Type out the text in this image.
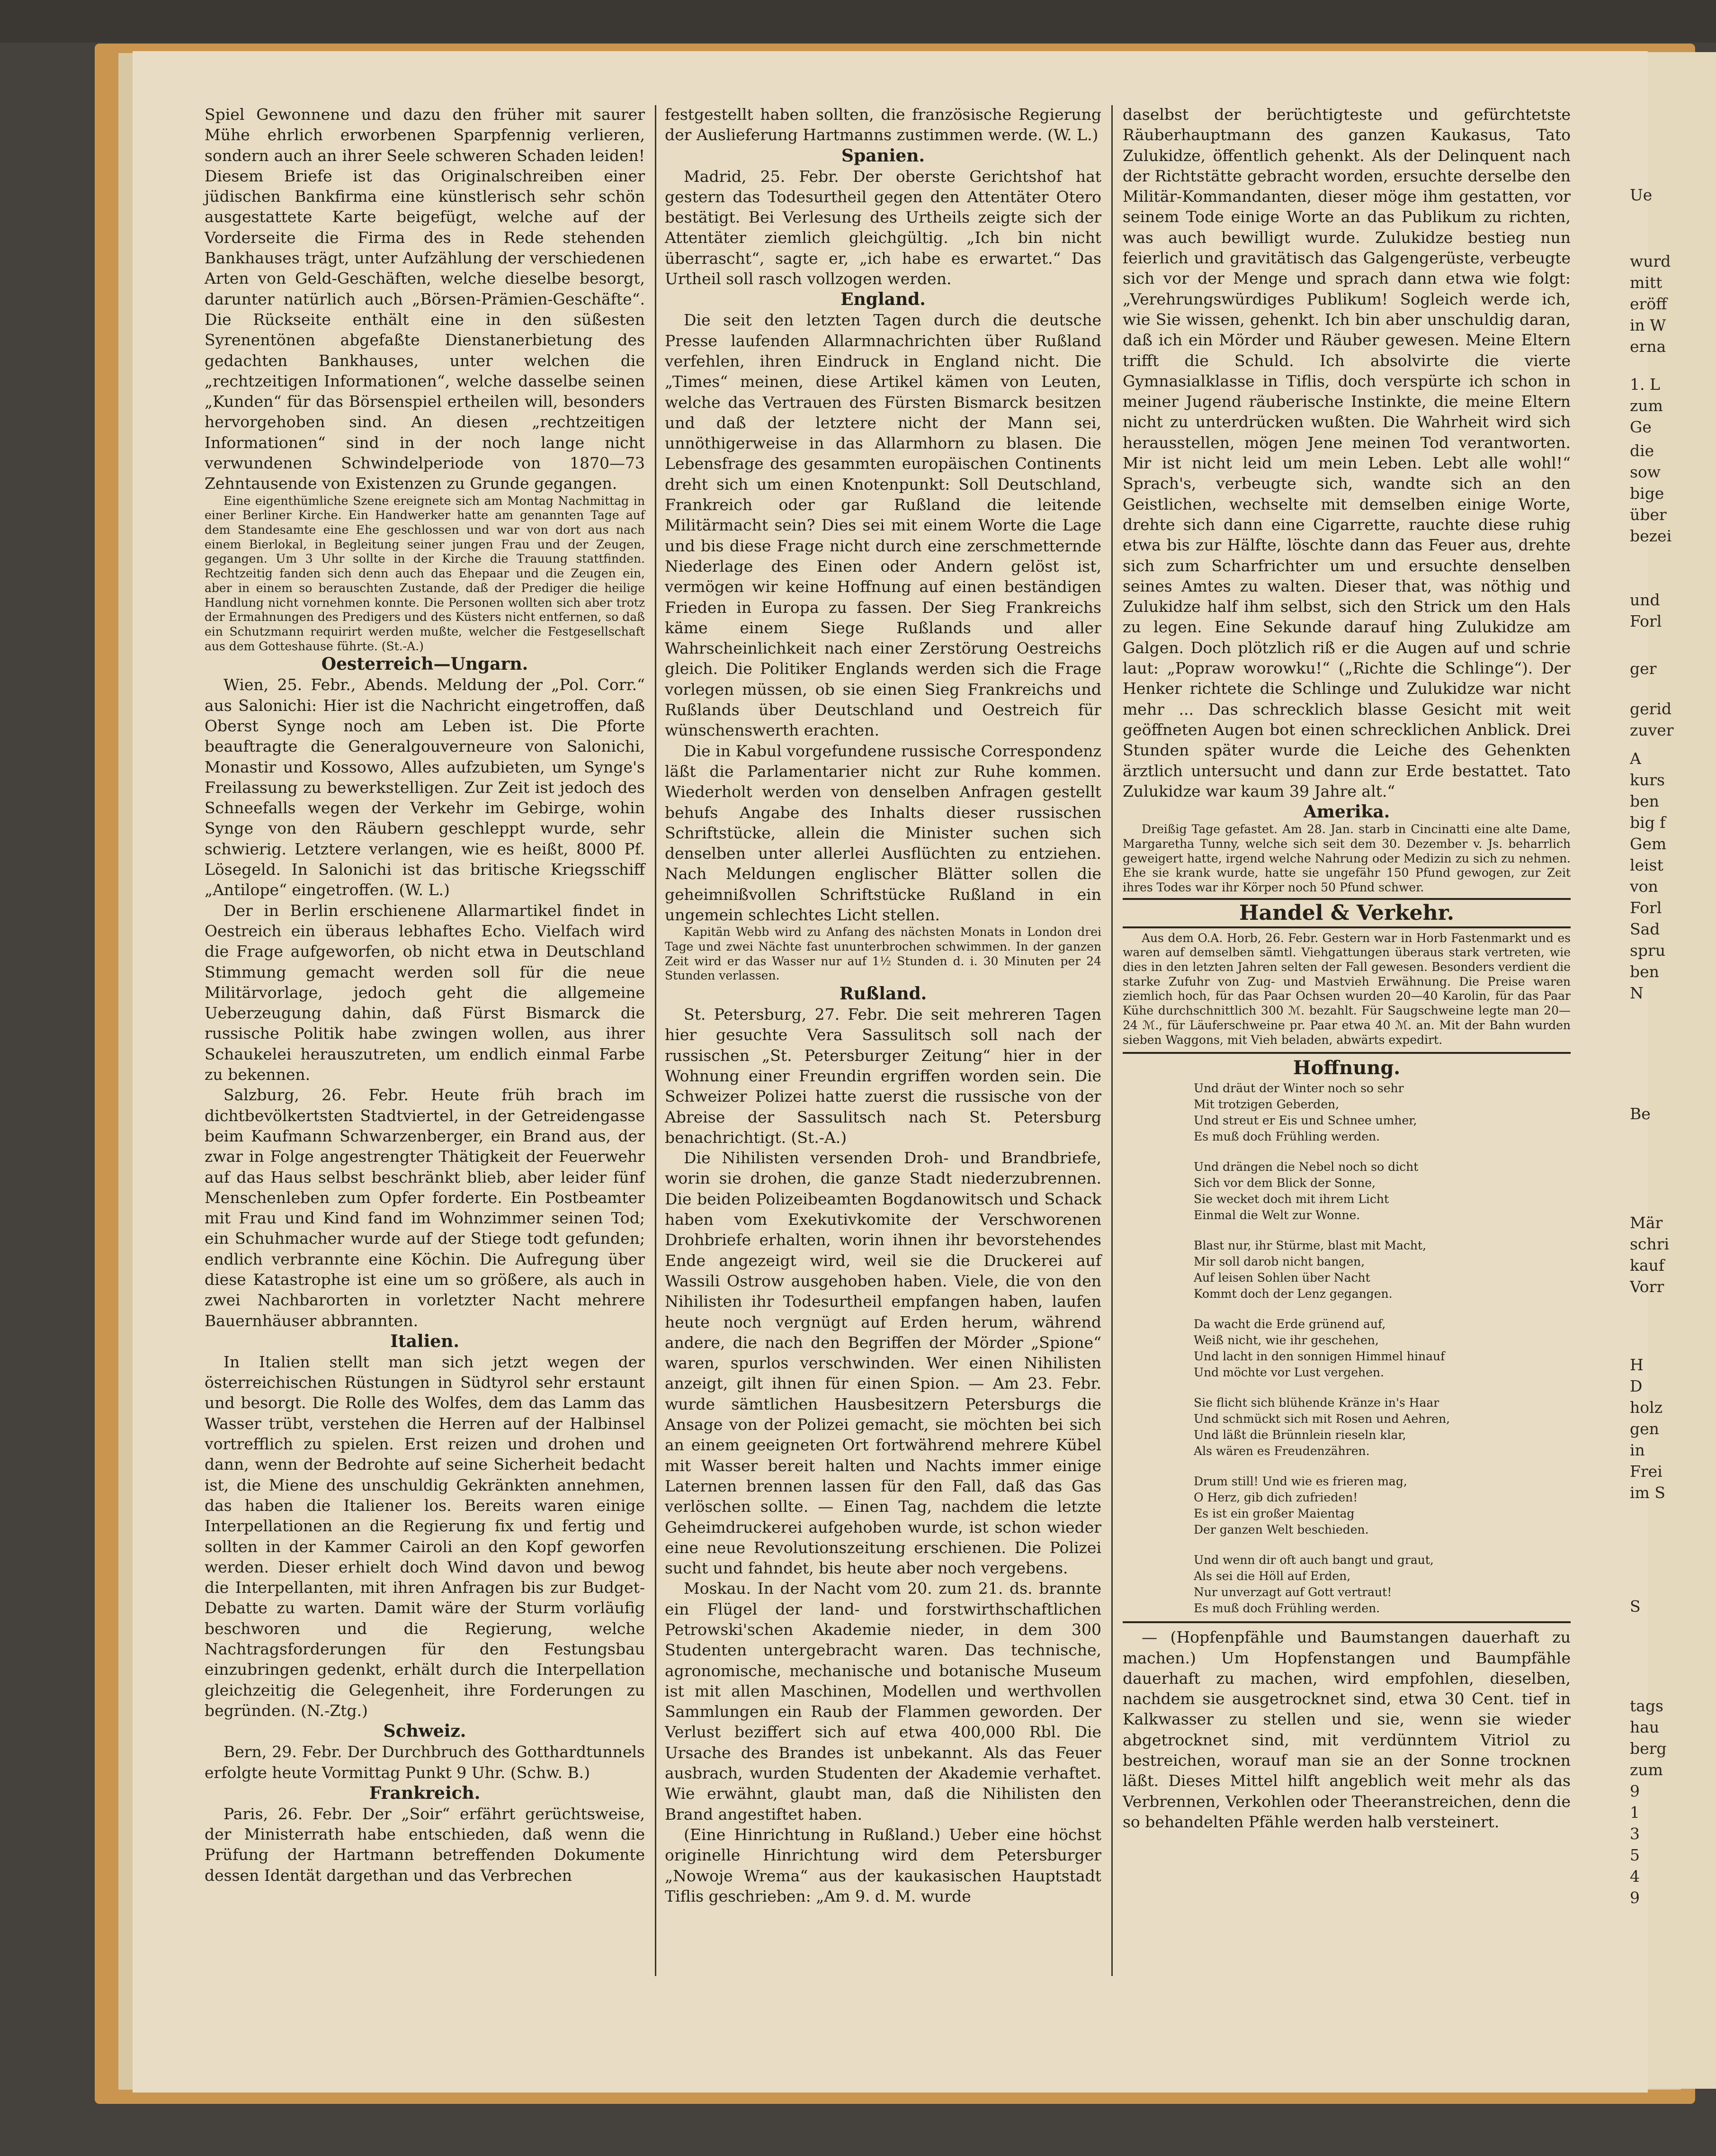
Spiel Gewonnene und dazu den früher mit saurer Mühe ehrlich erworbenen Sparpfennig verlieren, sondern auch an ihrer Seele schweren Schaden leiden! Diesem Briefe ist das Originalschreiben einer jüdischen Bankfirma eine künstlerisch sehr schön ausgestattete Karte beigefügt, welche auf der Vorderseite die Firma des in Rede stehenden Bankhauses trägt, unter Aufzählung der verschiedenen Arten von Geld-Geschäften, welche dieselbe besorgt, darunter natürlich auch „Börsen-Prämien-Geschäfte“. Die Rückseite enthält eine in den süßesten Syrenentönen abgefaßte Dienstanerbietung des gedachten Bankhauses, unter welchen die „rechtzeitigen Informationen“, welche dasselbe seinen „Kunden“ für das Börsenspiel ertheilen will, besonders hervorgehoben sind. An diesen „rechtzeitigen Informationen“ sind in der noch lange nicht verwundenen Schwindelperiode von 1870—73 Zehntausende von Existenzen zu Grunde gegangen.

Eine eigenthümliche Szene ereignete sich am Montag Nachmittag in einer Berliner Kirche. Ein Handwerker hatte am genannten Tage auf dem Standesamte eine Ehe geschlossen und war von dort aus nach einem Bierlokal, in Begleitung seiner jungen Frau und der Zeugen, gegangen. Um 3 Uhr sollte in der Kirche die Trauung stattfinden. Rechtzeitig fanden sich denn auch das Ehepaar und die Zeugen ein, aber in einem so berauschten Zustande, daß der Prediger die heilige Handlung nicht vornehmen konnte. Die Personen wollten sich aber trotz der Ermahnungen des Predigers und des Küsters nicht entfernen, so daß ein Schutzmann requirirt werden mußte, welcher die Festgesellschaft aus dem Gotteshause führte. (St.-A.)

Oesterreich—Ungarn.

Wien, 25. Febr., Abends. Meldung der „Pol. Corr.“ aus Salonichi: Hier ist die Nachricht eingetroffen, daß Oberst Synge noch am Leben ist. Die Pforte beauftragte die Generalgouverneure von Salonichi, Monastir und Kossowo, Alles aufzubieten, um Synge's Freilassung zu bewerkstelligen. Zur Zeit ist jedoch des Schneefalls wegen der Verkehr im Gebirge, wohin Synge von den Räubern geschleppt wurde, sehr schwierig. Letztere verlangen, wie es heißt, 8000 Pf. Lösegeld. In Salonichi ist das britische Kriegsschiff „Antilope“ eingetroffen. (W. L.)

Der in Berlin erschienene Allarmartikel findet in Oestreich ein überaus lebhaftes Echo. Vielfach wird die Frage aufgeworfen, ob nicht etwa in Deutschland Stimmung gemacht werden soll für die neue Militärvorlage, jedoch geht die allgemeine Ueberzeugung dahin, daß Fürst Bismarck die russische Politik habe zwingen wollen, aus ihrer Schaukelei herauszutreten, um endlich einmal Farbe zu bekennen.

Salzburg, 26. Febr. Heute früh brach im dichtbevölkertsten Stadtviertel, in der Getreidengasse beim Kaufmann Schwarzenberger, ein Brand aus, der zwar in Folge angestrengter Thätigkeit der Feuerwehr auf das Haus selbst beschränkt blieb, aber leider fünf Menschenleben zum Opfer forderte. Ein Postbeamter mit Frau und Kind fand im Wohnzimmer seinen Tod; ein Schuhmacher wurde auf der Stiege todt gefunden; endlich verbrannte eine Köchin. Die Aufregung über diese Katastrophe ist eine um so größere, als auch in zwei Nachbarorten in vorletzter Nacht mehrere Bauernhäuser abbrannten.

Italien.

In Italien stellt man sich jetzt wegen der österreichischen Rüstungen in Südtyrol sehr erstaunt und besorgt. Die Rolle des Wolfes, dem das Lamm das Wasser trübt, verstehen die Herren auf der Halbinsel vortrefflich zu spielen. Erst reizen und drohen und dann, wenn der Bedrohte auf seine Sicherheit bedacht ist, die Miene des unschuldig Gekränkten annehmen, das haben die Italiener los. Bereits waren einige Interpellationen an die Regierung fix und fertig und sollten in der Kammer Cairoli an den Kopf geworfen werden. Dieser erhielt doch Wind davon und bewog die Interpellanten, mit ihren Anfragen bis zur Budget-Debatte zu warten. Damit wäre der Sturm vorläufig beschworen und die Regierung, welche Nachtragsforderungen für den Festungsbau einzubringen gedenkt, erhält durch die Interpellation gleichzeitig die Gelegenheit, ihre Forderungen zu begründen. (N.-Ztg.)

Schweiz.

Bern, 29. Febr. Der Durchbruch des Gotthardtunnels erfolgte heute Vormittag Punkt 9 Uhr. (Schw. B.)

Frankreich.

Paris, 26. Febr. Der „Soir“ erfährt gerüchtsweise, der Ministerrath habe entschieden, daß wenn die Prüfung der Hartmann betreffenden Dokumente dessen Identät dargethan und das Verbrechen

festgestellt haben sollten, die französische Regierung der Auslieferung Hartmanns zustimmen werde. (W. L.)

Spanien.

Madrid, 25. Febr. Der oberste Gerichtshof hat gestern das Todesurtheil gegen den Attentäter Otero bestätigt. Bei Verlesung des Urtheils zeigte sich der Attentäter ziemlich gleichgültig. „Ich bin nicht überrascht“, sagte er, „ich habe es erwartet.“ Das Urtheil soll rasch vollzogen werden.

England.

Die seit den letzten Tagen durch die deutsche Presse laufenden Allarmnachrichten über Rußland verfehlen, ihren Eindruck in England nicht. Die „Times“ meinen, diese Artikel kämen von Leuten, welche das Vertrauen des Fürsten Bismarck besitzen und daß der letztere nicht der Mann sei, unnöthigerweise in das Allarmhorn zu blasen. Die Lebensfrage des gesammten europäischen Continents dreht sich um einen Knotenpunkt: Soll Deutschland, Frankreich oder gar Rußland die leitende Militärmacht sein? Dies sei mit einem Worte die Lage und bis diese Frage nicht durch eine zerschmetternde Niederlage des Einen oder Andern gelöst ist, vermögen wir keine Hoffnung auf einen beständigen Frieden in Europa zu fassen. Der Sieg Frankreichs käme einem Siege Rußlands und aller Wahrscheinlichkeit nach einer Zerstörung Oestreichs gleich. Die Politiker Englands werden sich die Frage vorlegen müssen, ob sie einen Sieg Frankreichs und Rußlands über Deutschland und Oestreich für wünschenswerth erachten.

Die in Kabul vorgefundene russische Correspondenz läßt die Parlamentarier nicht zur Ruhe kommen. Wiederholt werden von denselben Anfragen gestellt behufs Angabe des Inhalts dieser russischen Schriftstücke, allein die Minister suchen sich denselben unter allerlei Ausflüchten zu entziehen. Nach Meldungen englischer Blätter sollen die geheimnißvollen Schriftstücke Rußland in ein ungemein schlechtes Licht stellen.

Kapitän Webb wird zu Anfang des nächsten Monats in London drei Tage und zwei Nächte fast ununterbrochen schwimmen. In der ganzen Zeit wird er das Wasser nur auf 1½ Stunden d. i. 30 Minuten per 24 Stunden verlassen.

Rußland.

St. Petersburg, 27. Febr. Die seit mehreren Tagen hier gesuchte Vera Sassulitsch soll nach der russischen „St. Petersburger Zeitung“ hier in der Wohnung einer Freundin ergriffen worden sein. Die Schweizer Polizei hatte zuerst die russische von der Abreise der Sassulitsch nach St. Petersburg benachrichtigt. (St.-A.)

Die Nihilisten versenden Droh- und Brandbriefe, worin sie drohen, die ganze Stadt niederzubrennen. Die beiden Polizeibeamten Bogdanowitsch und Schack haben vom Exekutivkomite der Verschworenen Drohbriefe erhalten, worin ihnen ihr bevorstehendes Ende angezeigt wird, weil sie die Druckerei auf Wassili Ostrow ausgehoben haben. Viele, die von den Nihilisten ihr Todesurtheil empfangen haben, laufen heute noch vergnügt auf Erden herum, während andere, die nach den Begriffen der Mörder „Spione“ waren, spurlos verschwinden. Wer einen Nihilisten anzeigt, gilt ihnen für einen Spion. — Am 23. Febr. wurde sämtlichen Hausbesitzern Petersburgs die Ansage von der Polizei gemacht, sie möchten bei sich an einem geeigneten Ort fortwährend mehrere Kübel mit Wasser bereit halten und Nachts immer einige Laternen brennen lassen für den Fall, daß das Gas verlöschen sollte. — Einen Tag, nachdem die letzte Geheimdruckerei aufgehoben wurde, ist schon wieder eine neue Revolutionszeitung erschienen. Die Polizei sucht und fahndet, bis heute aber noch vergebens.

Moskau. In der Nacht vom 20. zum 21. ds. brannte ein Flügel der land- und forstwirthschaftlichen Petrowski'schen Akademie nieder, in dem 300 Studenten untergebracht waren. Das technische, agronomische, mechanische und botanische Museum ist mit allen Maschinen, Modellen und werthvollen Sammlungen ein Raub der Flammen geworden. Der Verlust beziffert sich auf etwa 400,000 Rbl. Die Ursache des Brandes ist unbekannt. Als das Feuer ausbrach, wurden Studenten der Akademie verhaftet. Wie erwähnt, glaubt man, daß die Nihilisten den Brand angestiftet haben.

(Eine Hinrichtung in Rußland.) Ueber eine höchst originelle Hinrichtung wird dem Petersburger „Nowoje Wrema“ aus der kaukasischen Hauptstadt Tiflis geschrieben: „Am 9. d. M. wurde

daselbst der berüchtigteste und gefürchtetste Räuberhauptmann des ganzen Kaukasus, Tato Zulukidze, öffentlich gehenkt. Als der Delinquent nach der Richtstätte gebracht worden, ersuchte derselbe den Militär-Kommandanten, dieser möge ihm gestatten, vor seinem Tode einige Worte an das Publikum zu richten, was auch bewilligt wurde. Zulukidze bestieg nun feierlich und gravitätisch das Galgengerüste, verbeugte sich vor der Menge und sprach dann etwa wie folgt: „Verehrungswürdiges Publikum! Sogleich werde ich, wie Sie wissen, gehenkt. Ich bin aber unschuldig daran, daß ich ein Mörder und Räuber gewesen. Meine Eltern trifft die Schuld. Ich absolvirte die vierte Gymnasialklasse in Tiflis, doch verspürte ich schon in meiner Jugend räuberische Instinkte, die meine Eltern nicht zu unterdrücken wußten. Die Wahrheit wird sich herausstellen, mögen Jene meinen Tod verantworten. Mir ist nicht leid um mein Leben. Lebt alle wohl!“ Sprach's, verbeugte sich, wandte sich an den Geistlichen, wechselte mit demselben einige Worte, drehte sich dann eine Cigarrette, rauchte diese ruhig etwa bis zur Hälfte, löschte dann das Feuer aus, drehte sich zum Scharfrichter um und ersuchte denselben seines Amtes zu walten. Dieser that, was nöthig und Zulukidze half ihm selbst, sich den Strick um den Hals zu legen. Eine Sekunde darauf hing Zulukidze am Galgen. Doch plötzlich riß er die Augen auf und schrie laut: „Popraw worowku!“ („Richte die Schlinge“). Der Henker richtete die Schlinge und Zulukidze war nicht mehr ... Das schrecklich blasse Gesicht mit weit geöffneten Augen bot einen schrecklichen Anblick. Drei Stunden später wurde die Leiche des Gehenkten ärztlich untersucht und dann zur Erde bestattet. Tato Zulukidze war kaum 39 Jahre alt.“

Amerika.

Dreißig Tage gefastet. Am 28. Jan. starb in Cincinatti eine alte Dame, Margaretha Tunny, welche sich seit dem 30. Dezember v. Js. beharrlich geweigert hatte, irgend welche Nahrung oder Medizin zu sich zu nehmen. Ehe sie krank wurde, hatte sie ungefähr 150 Pfund gewogen, zur Zeit ihres Todes war ihr Körper noch 50 Pfund schwer.

Handel & Verkehr.

Aus dem O.A. Horb, 26. Febr. Gestern war in Horb Fastenmarkt und es waren auf demselben sämtl. Viehgattungen überaus stark vertreten, wie dies in den letzten Jahren selten der Fall gewesen. Besonders verdient die starke Zufuhr von Zug- und Mastvieh Erwähnung. Die Preise waren ziemlich hoch, für das Paar Ochsen wurden 20—40 Karolin, für das Paar Kühe durchschnittlich 300 ℳ. bezahlt. Für Saugschweine legte man 20—24 ℳ., für Läuferschweine pr. Paar etwa 40 ℳ. an. Mit der Bahn wurden sieben Waggons, mit Vieh beladen, abwärts expedirt.

Hoffnung.
Und dräut der Winter noch so sehr
Mit trotzigen Geberden,
Und streut er Eis und Schnee umher,
Es muß doch Frühling werden.
Und drängen die Nebel noch so dicht
Sich vor dem Blick der Sonne,
Sie wecket doch mit ihrem Licht
Einmal die Welt zur Wonne.
Blast nur, ihr Stürme, blast mit Macht,
Mir soll darob nicht bangen,
Auf leisen Sohlen über Nacht
Kommt doch der Lenz gegangen.
Da wacht die Erde grünend auf,
Weiß nicht, wie ihr geschehen,
Und lacht in den sonnigen Himmel hinauf
Und möchte vor Lust vergehen.
Sie flicht sich blühende Kränze in's Haar
Und schmückt sich mit Rosen und Aehren,
Und läßt die Brünnlein rieseln klar,
Als wären es Freudenzähren.
Drum still! Und wie es frieren mag,
O Herz, gib dich zufrieden!
Es ist ein großer Maientag
Der ganzen Welt beschieden.
Und wenn dir oft auch bangt und graut,
Als sei die Höll auf Erden,
Nur unverzagt auf Gott vertraut!
Es muß doch Frühling werden.

— (Hopfenpfähle und Baumstangen dauerhaft zu machen.) Um Hopfenstangen und Baumpfähle dauerhaft zu machen, wird empfohlen, dieselben, nachdem sie ausgetrocknet sind, etwa 30 Cent. tief in Kalkwasser zu stellen und sie, wenn sie wieder abgetrocknet sind, mit verdünntem Vitriol zu bestreichen, worauf man sie an der Sonne trocknen läßt. Dieses Mittel hilft angeblich weit mehr als das Verbrennen, Verkohlen oder Theeranstreichen, denn die so behandelten Pfähle werden halb versteinert.

Ue
wurd
mitt
eröff
in W
erna
1. L
zum
Ge
die
sow
bige
über
bezei
und
Forl
ger
gerid
zuver
A
kurs
ben
big f
Gem
leist
von
Forl
Sad
spru
ben
N
Be
Mär
schri
kauf
Vorr
H
D
holz
gen
in
Frei
im S
S
tags
hau
berg
zum
9
1
3
5
4
9
